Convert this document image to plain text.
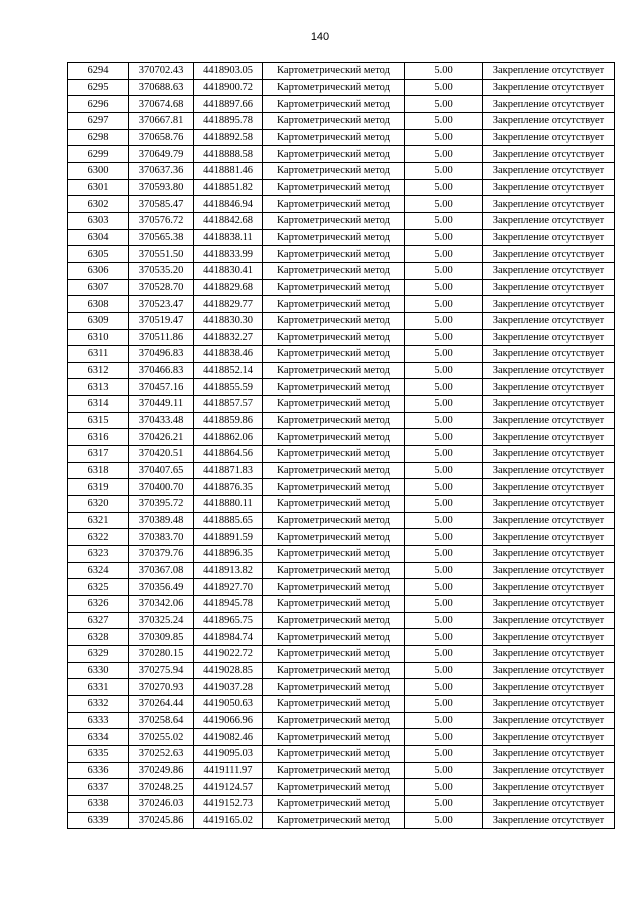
140
6294	370702.43	4418903.05	Картометрический метод	5.00	Закрепление отсутствует
6295	370688.63	4418900.72	Картометрический метод	5.00	Закрепление отсутствует
6296	370674.68	4418897.66	Картометрический метод	5.00	Закрепление отсутствует
6297	370667.81	4418895.78	Картометрический метод	5.00	Закрепление отсутствует
6298	370658.76	4418892.58	Картометрический метод	5.00	Закрепление отсутствует
6299	370649.79	4418888.58	Картометрический метод	5.00	Закрепление отсутствует
6300	370637.36	4418881.46	Картометрический метод	5.00	Закрепление отсутствует
6301	370593.80	4418851.82	Картометрический метод	5.00	Закрепление отсутствует
6302	370585.47	4418846.94	Картометрический метод	5.00	Закрепление отсутствует
6303	370576.72	4418842.68	Картометрический метод	5.00	Закрепление отсутствует
6304	370565.38	4418838.11	Картометрический метод	5.00	Закрепление отсутствует
6305	370551.50	4418833.99	Картометрический метод	5.00	Закрепление отсутствует
6306	370535.20	4418830.41	Картометрический метод	5.00	Закрепление отсутствует
6307	370528.70	4418829.68	Картометрический метод	5.00	Закрепление отсутствует
6308	370523.47	4418829.77	Картометрический метод	5.00	Закрепление отсутствует
6309	370519.47	4418830.30	Картометрический метод	5.00	Закрепление отсутствует
6310	370511.86	4418832.27	Картометрический метод	5.00	Закрепление отсутствует
6311	370496.83	4418838.46	Картометрический метод	5.00	Закрепление отсутствует
6312	370466.83	4418852.14	Картометрический метод	5.00	Закрепление отсутствует
6313	370457.16	4418855.59	Картометрический метод	5.00	Закрепление отсутствует
6314	370449.11	4418857.57	Картометрический метод	5.00	Закрепление отсутствует
6315	370433.48	4418859.86	Картометрический метод	5.00	Закрепление отсутствует
6316	370426.21	4418862.06	Картометрический метод	5.00	Закрепление отсутствует
6317	370420.51	4418864.56	Картометрический метод	5.00	Закрепление отсутствует
6318	370407.65	4418871.83	Картометрический метод	5.00	Закрепление отсутствует
6319	370400.70	4418876.35	Картометрический метод	5.00	Закрепление отсутствует
6320	370395.72	4418880.11	Картометрический метод	5.00	Закрепление отсутствует
6321	370389.48	4418885.65	Картометрический метод	5.00	Закрепление отсутствует
6322	370383.70	4418891.59	Картометрический метод	5.00	Закрепление отсутствует
6323	370379.76	4418896.35	Картометрический метод	5.00	Закрепление отсутствует
6324	370367.08	4418913.82	Картометрический метод	5.00	Закрепление отсутствует
6325	370356.49	4418927.70	Картометрический метод	5.00	Закрепление отсутствует
6326	370342.06	4418945.78	Картометрический метод	5.00	Закрепление отсутствует
6327	370325.24	4418965.75	Картометрический метод	5.00	Закрепление отсутствует
6328	370309.85	4418984.74	Картометрический метод	5.00	Закрепление отсутствует
6329	370280.15	4419022.72	Картометрический метод	5.00	Закрепление отсутствует
6330	370275.94	4419028.85	Картометрический метод	5.00	Закрепление отсутствует
6331	370270.93	4419037.28	Картометрический метод	5.00	Закрепление отсутствует
6332	370264.44	4419050.63	Картометрический метод	5.00	Закрепление отсутствует
6333	370258.64	4419066.96	Картометрический метод	5.00	Закрепление отсутствует
6334	370255.02	4419082.46	Картометрический метод	5.00	Закрепление отсутствует
6335	370252.63	4419095.03	Картометрический метод	5.00	Закрепление отсутствует
6336	370249.86	4419111.97	Картометрический метод	5.00	Закрепление отсутствует
6337	370248.25	4419124.57	Картометрический метод	5.00	Закрепление отсутствует
6338	370246.03	4419152.73	Картометрический метод	5.00	Закрепление отсутствует
6339	370245.86	4419165.02	Картометрический метод	5.00	Закрепление отсутствует
